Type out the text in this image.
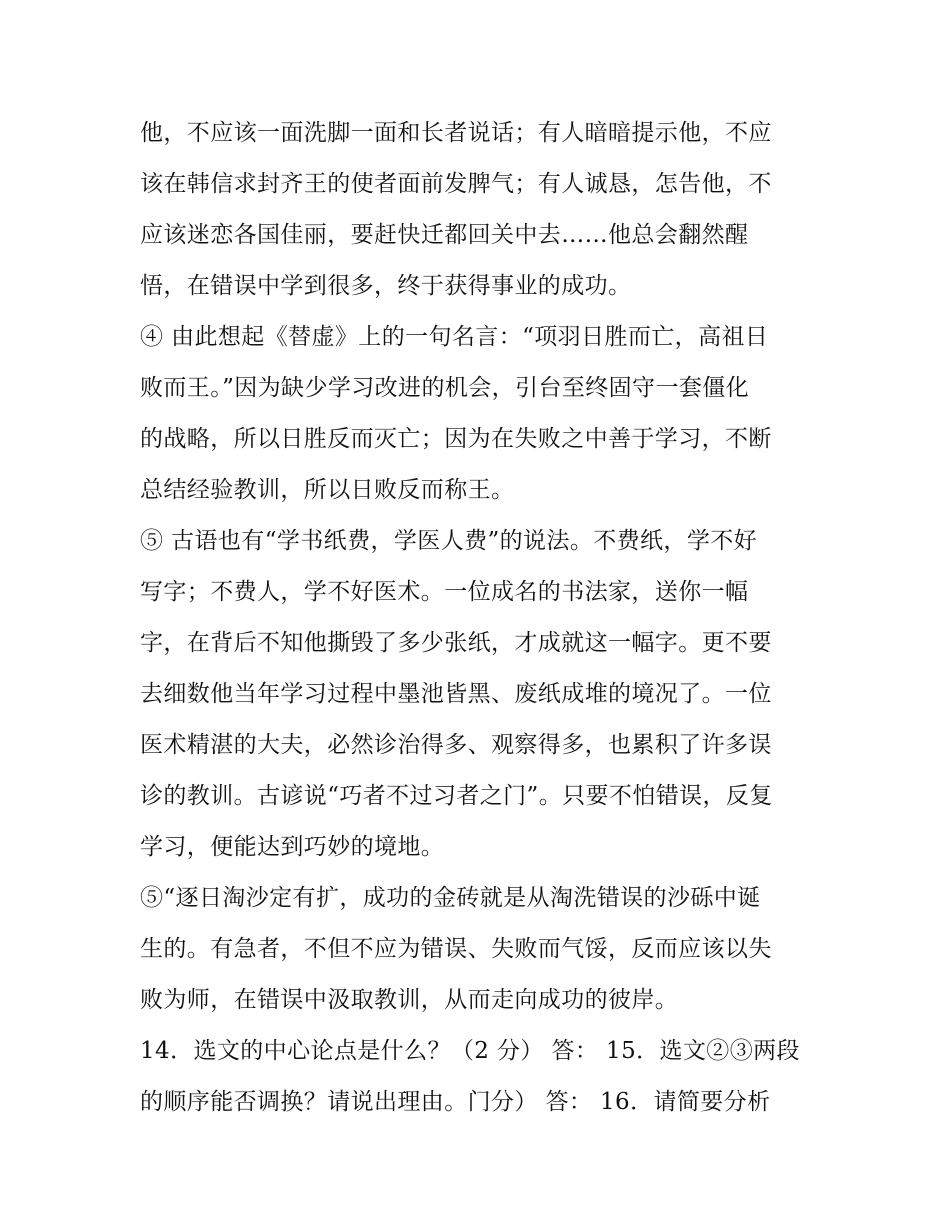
他，不应该一面洗脚一面和长者说话；有人暗暗提示他，不应
该在韩信求封齐王的使者面前发脾气；有人诚恳，怎告他，不
应该迷恋各国佳丽，要赶快迁都回关中去……他总会翻然醒
悟，在错误中学到很多，终于获得事业的成功。
④ 由此想起《替虚》上的一句名言：“项羽日胜而亡，高祖日
败而王。”因为缺少学习改进的机会，引台至终固守一套僵化
的战略，所以日胜反而灭亡；因为在失败之中善于学习，不断
总结经验教训，所以日败反而称王。
⑤ 古语也有“学书纸费，学医人费”的说法。不费纸，学不好
写字；不费人，学不好医术。一位成名的书法家，送你一幅
字，在背后不知他撕毁了多少张纸，才成就这一幅字。更不要
去细数他当年学习过程中墨池皆黑、废纸成堆的境况了。一位
医术精湛的大夫，必然诊治得多、观察得多，也累积了许多误
诊的教训。古谚说“巧者不过习者之门”。只要不怕错误，反复
学习，便能达到巧妙的境地。
⑤“逐日淘沙定有扩，成功的金砖就是从淘洗错误的沙砾中诞
生的。有急者，不但不应为错误、失败而气馁，反而应该以失
败为师，在错误中汲取教训，从而走向成功的彼岸。
14．选文的中心论点是什么？（2 分） 答： 15．选文②③两段
的顺序能否调换？请说出理由。门分） 答： 16．请简要分析
